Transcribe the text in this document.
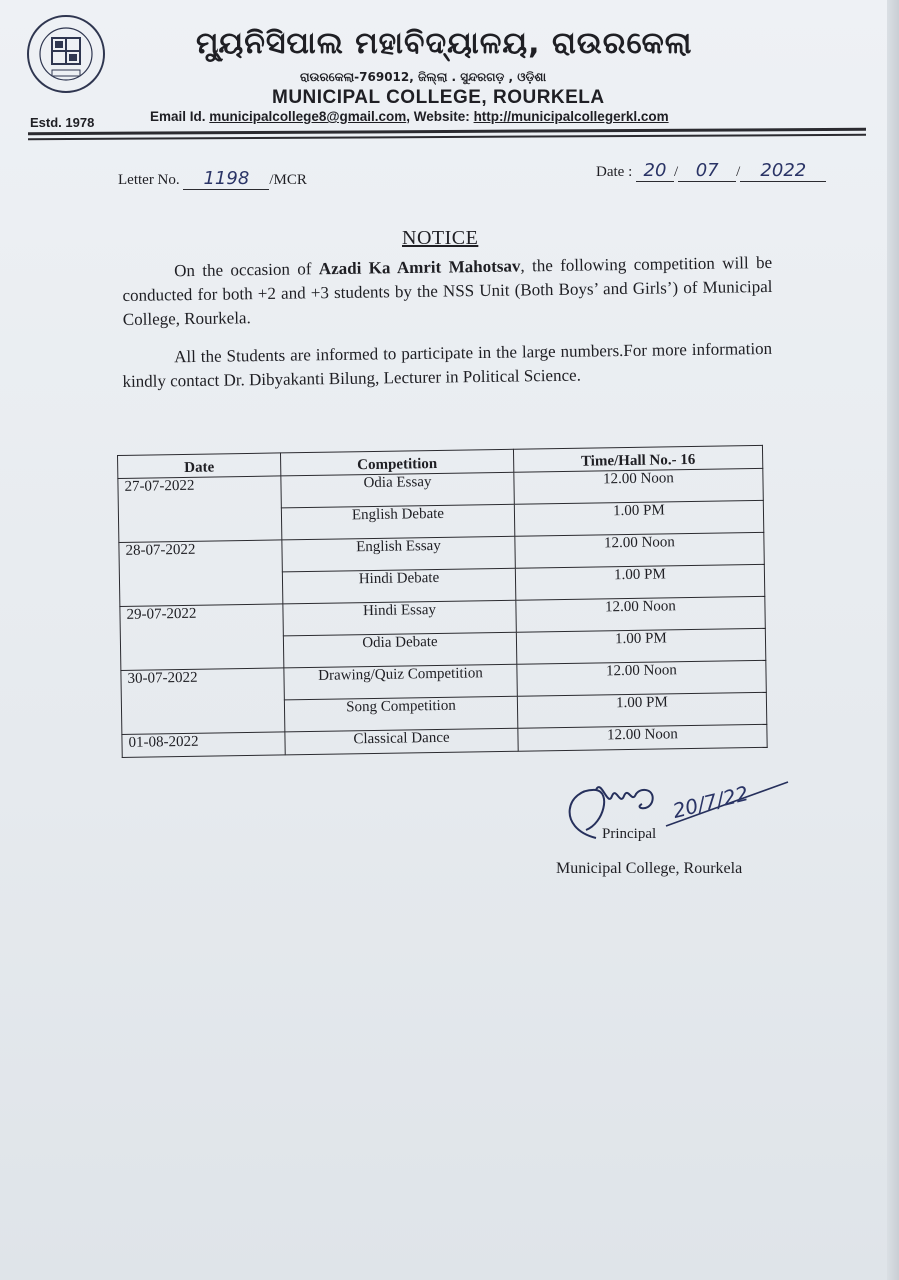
Estd. 1978
ମ୍ୟୁନିସିପାଲ ମହାବିଦ୍ୟାଳୟ, ରାଉରକେଲା
ରାଉରକେଲା-769012, ଜିଲ୍ଲା . ସୁନ୍ଦରଗଡ଼ , ଓଡ଼ିଶା
MUNICIPAL COLLEGE, ROURKELA
Email Id. municipalcollege8@gmail.com, Website: http://municipalcollegerkl.com
Letter No. 1198 /MCR	Date : 20 / 07 / 2022
NOTICE
On the occasion of Azadi Ka Amrit Mahotsav, the following competition will be conducted for both +2 and +3 students by the NSS Unit (Both Boys’ and Girls’) of Municipal College, Rourkela.
All the Students are informed to participate in the large numbers.For more information kindly contact Dr. Dibyakanti Bilung, Lecturer in Political Science.
Date	Competition	Time/Hall No.- 16
27-07-2022	Odia Essay	12.00 Noon
	English Debate	1.00 PM
28-07-2022	English Essay	12.00 Noon
	Hindi Debate	1.00 PM
29-07-2022	Hindi Essay	12.00 Noon
	Odia Debate	1.00 PM
30-07-2022	Drawing/Quiz Competition	12.00 Noon
	Song Competition	1.00 PM
01-08-2022	Classical Dance	12.00 Noon
Principal
20/7/22
Municipal College, Rourkela
